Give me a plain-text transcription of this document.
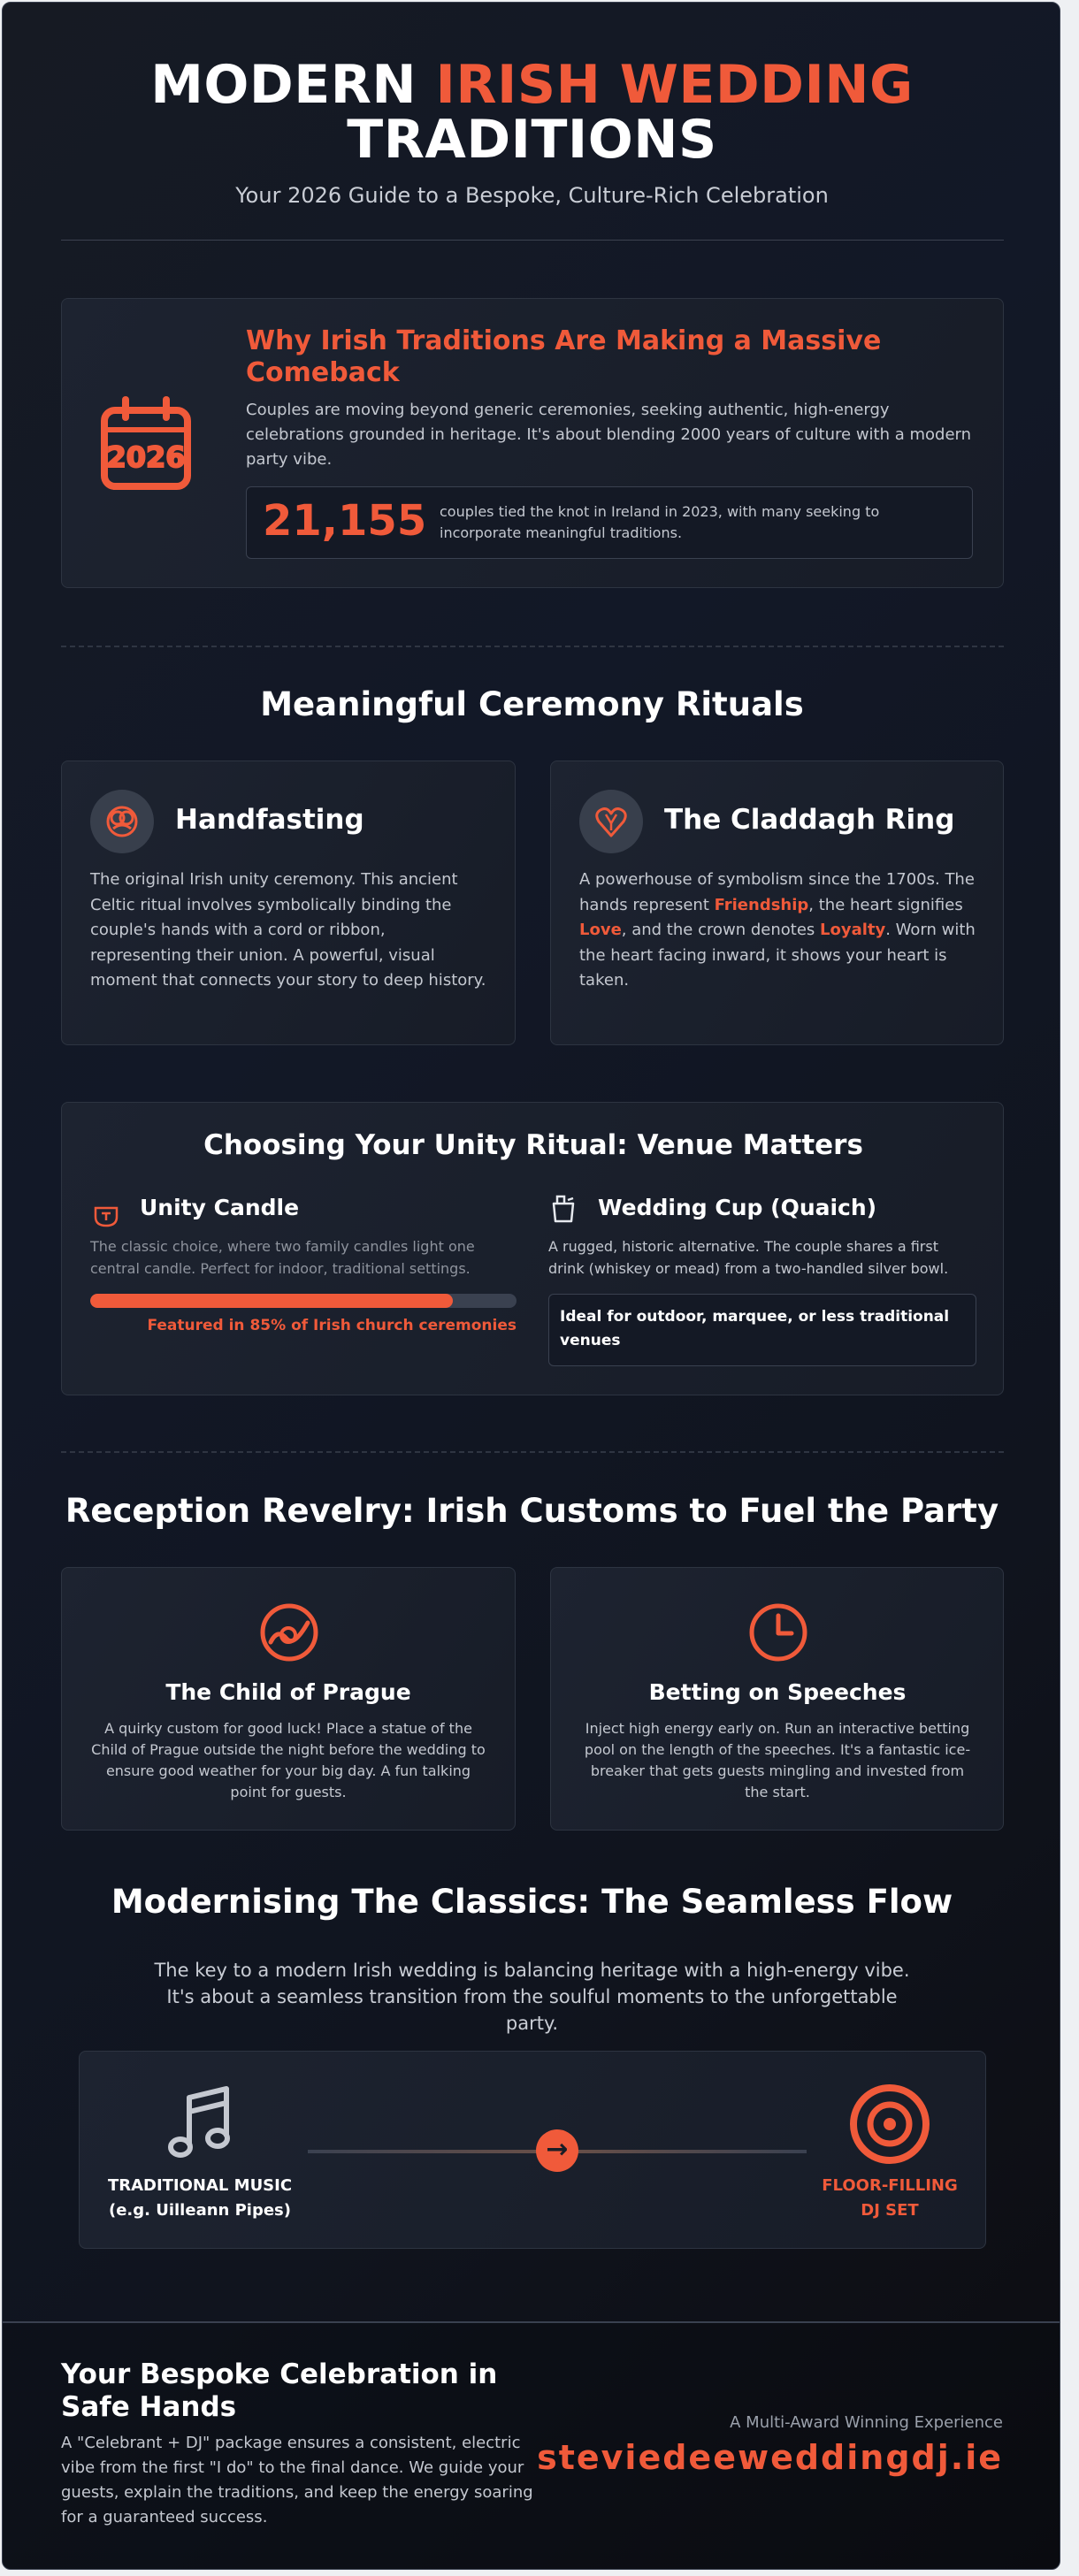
MODERN IRISH WEDDING
TRADITIONS
Your 2026 Guide to a Bespoke, Culture-Rich Celebration
2026
Why Irish Traditions Are Making a Massive Comeback
Couples are moving beyond generic ceremonies, seeking authentic, high-energy celebrations grounded in heritage. It's about blending 2000 years of culture with a modern party vibe.
21,155 couples tied the knot in Ireland in 2023, with many seeking to incorporate meaningful traditions.
Meaningful Ceremony Rituals
Handfasting
The original Irish unity ceremony. This ancient Celtic ritual involves symbolically binding the couple's hands with a cord or ribbon, representing their union. A powerful, visual moment that connects your story to deep history.
The Claddagh Ring
A powerhouse of symbolism since the 1700s. The hands represent Friendship, the heart signifies Love, and the crown denotes Loyalty. Worn with the heart facing inward, it shows your heart is taken.
Choosing Your Unity Ritual: Venue Matters
Unity Candle
The classic choice, where two family candles light one central candle. Perfect for indoor, traditional settings.
Featured in 85% of Irish church ceremonies
Wedding Cup (Quaich)
A rugged, historic alternative. The couple shares a first drink (whiskey or mead) from a two-handled silver bowl.
Ideal for outdoor, marquee, or less traditional venues
Reception Revelry: Irish Customs to Fuel the Party
The Child of Prague
A quirky custom for good luck! Place a statue of the Child of Prague outside the night before the wedding to ensure good weather for your big day. A fun talking point for guests.
Betting on Speeches
Inject high energy early on. Run an interactive betting pool on the length of the speeches. It's a fantastic ice-breaker that gets guests mingling and invested from the start.
Modernising The Classics: The Seamless Flow
The key to a modern Irish wedding is balancing heritage with a high-energy vibe. It's about a seamless transition from the soulful moments to the unforgettable party.
TRADITIONAL MUSIC
(e.g. Uilleann Pipes)
→
FLOOR-FILLING
DJ SET
Your Bespoke Celebration in Safe Hands
A "Celebrant + DJ" package ensures a consistent, electric vibe from the first "I do" to the final dance. We guide your guests, explain the traditions, and keep the energy soaring for a guaranteed success.
A Multi-Award Winning Experience
steviedeeweddingdj.ie
